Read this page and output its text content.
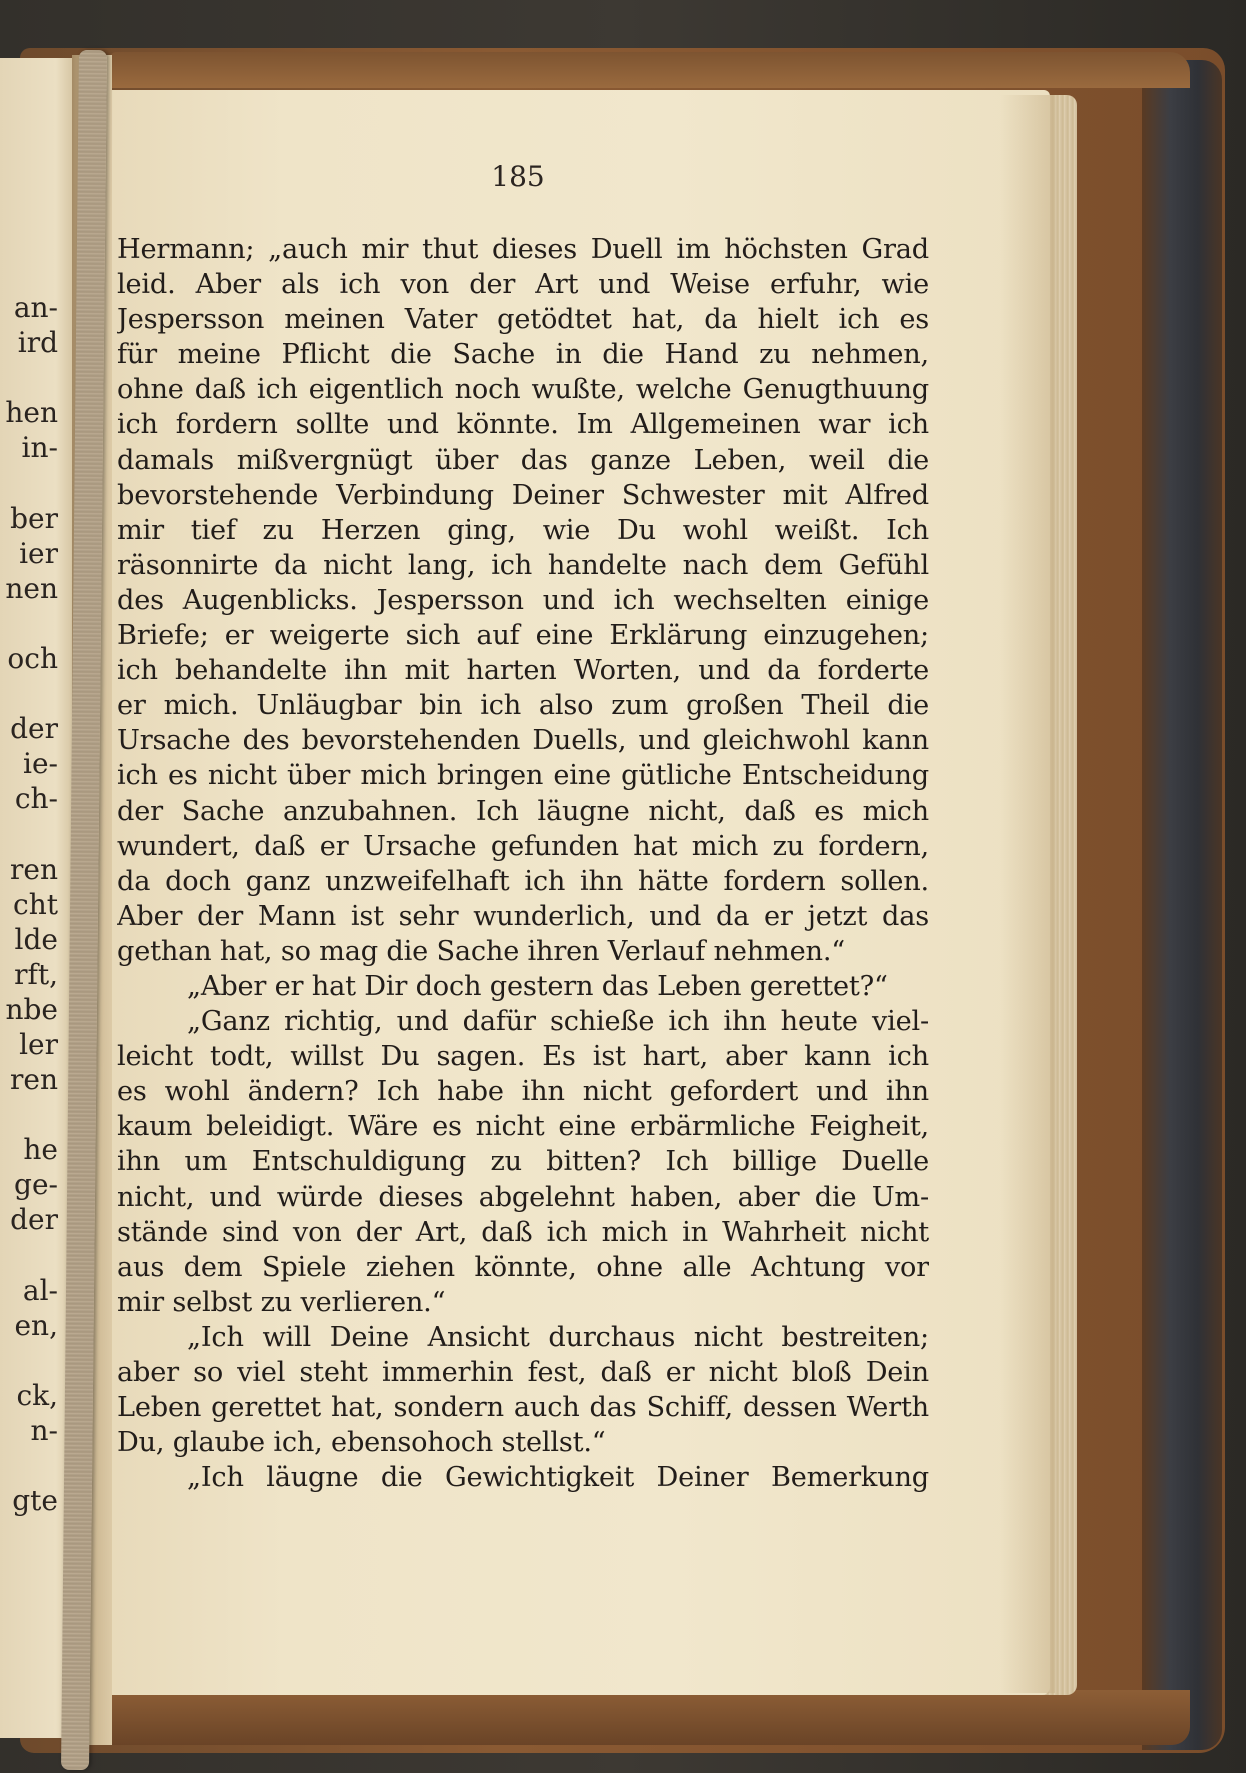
an-
ird
hen
in-
ber
ier
nen
och
der
ie-
ch-
ren
cht
lde
rft,
nbe
ler
ren
he
ge-
der
al-
en,
ck,
n-
gte
185
Hermann; „auch mir thut dieses Duell im höchsten Grad
leid. Aber als ich von der Art und Weise erfuhr, wie
Jespersson meinen Vater getödtet hat, da hielt ich es
für meine Pflicht die Sache in die Hand zu nehmen,
ohne daß ich eigentlich noch wußte, welche Genugthuung
ich fordern sollte und könnte. Im Allgemeinen war ich
damals mißvergnügt über das ganze Leben, weil die
bevorstehende Verbindung Deiner Schwester mit Alfred
mir tief zu Herzen ging, wie Du wohl weißt. Ich
räsonnirte da nicht lang, ich handelte nach dem Gefühl
des Augenblicks. Jespersson und ich wechselten einige
Briefe; er weigerte sich auf eine Erklärung einzugehen;
ich behandelte ihn mit harten Worten, und da forderte
er mich. Unläugbar bin ich also zum großen Theil die
Ursache des bevorstehenden Duells, und gleichwohl kann
ich es nicht über mich bringen eine gütliche Entscheidung
der Sache anzubahnen. Ich läugne nicht, daß es mich
wundert, daß er Ursache gefunden hat mich zu fordern,
da doch ganz unzweifelhaft ich ihn hätte fordern sollen.
Aber der Mann ist sehr wunderlich, und da er jetzt das
gethan hat, so mag die Sache ihren Verlauf nehmen.“
„Aber er hat Dir doch gestern das Leben gerettet?“
„Ganz richtig, und dafür schieße ich ihn heute viel-
leicht todt, willst Du sagen. Es ist hart, aber kann ich
es wohl ändern? Ich habe ihn nicht gefordert und ihn
kaum beleidigt. Wäre es nicht eine erbärmliche Feigheit,
ihn um Entschuldigung zu bitten? Ich billige Duelle
nicht, und würde dieses abgelehnt haben, aber die Um-
stände sind von der Art, daß ich mich in Wahrheit nicht
aus dem Spiele ziehen könnte, ohne alle Achtung vor
mir selbst zu verlieren.“
„Ich will Deine Ansicht durchaus nicht bestreiten;
aber so viel steht immerhin fest, daß er nicht bloß Dein
Leben gerettet hat, sondern auch das Schiff, dessen Werth
Du, glaube ich, ebensohoch stellst.“
„Ich läugne die Gewichtigkeit Deiner Bemerkung
